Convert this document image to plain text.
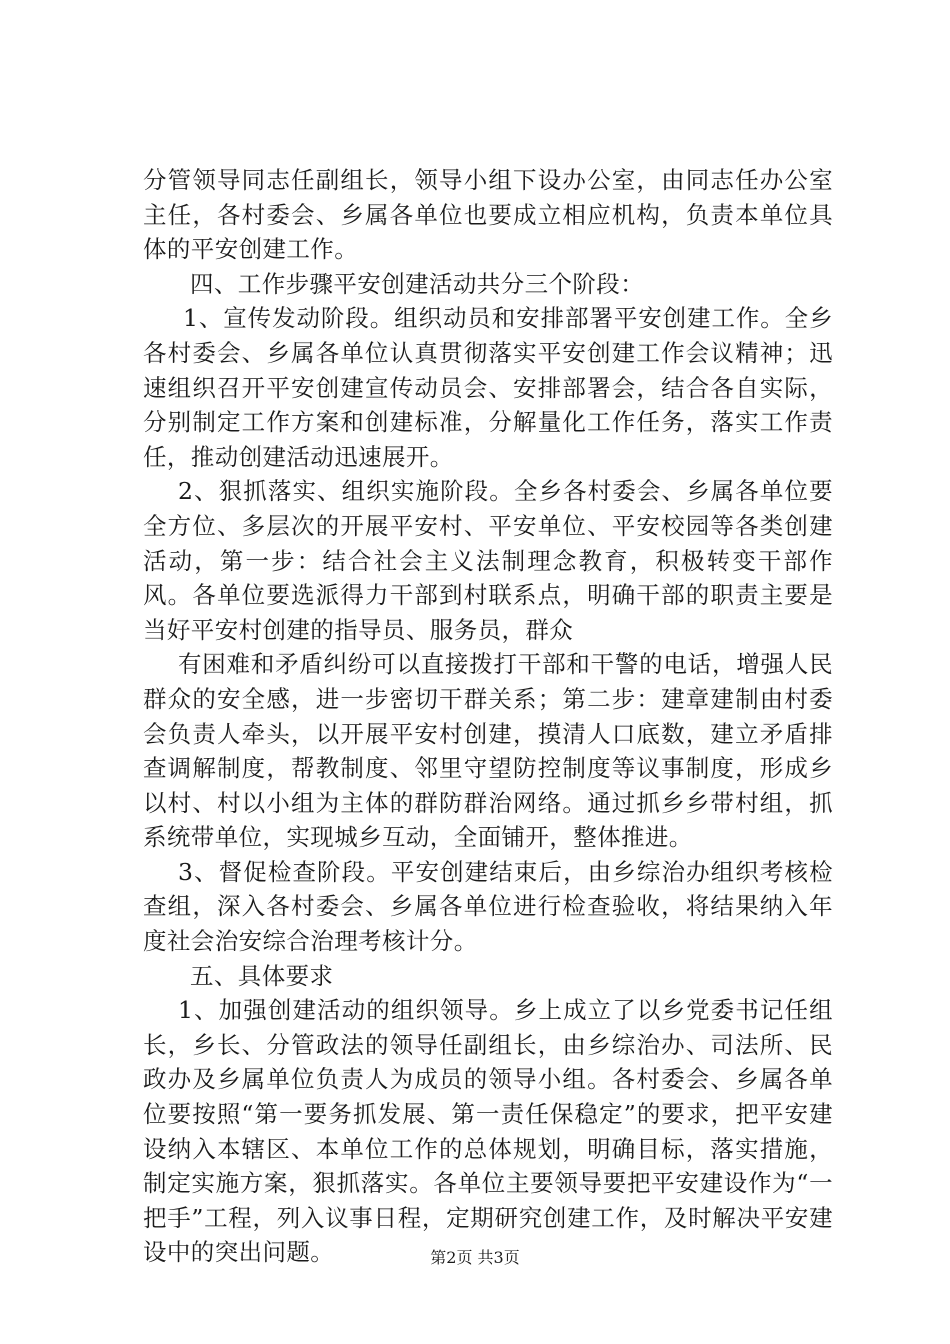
分管领导同志任副组长，领导小组下设办公室，由同志任办公室主任，各村委会、乡属各单位也要成立相应机构，负责本单位具体的平安创建工作。

四、工作步骤平安创建活动共分三个阶段：

1、宣传发动阶段。组织动员和安排部署平安创建工作。全乡各村委会、乡属各单位认真贯彻落实平安创建工作会议精神；迅速组织召开平安创建宣传动员会、安排部署会，结合各自实际，分别制定工作方案和创建标准，分解量化工作任务，落实工作责任，推动创建活动迅速展开。

2、狠抓落实、组织实施阶段。全乡各村委会、乡属各单位要全方位、多层次的开展平安村、平安单位、平安校园等各类创建活动，第一步：结合社会主义法制理念教育，积极转变干部作风。各单位要选派得力干部到村联系点，明确干部的职责主要是当好平安村创建的指导员、服务员，群众

有困难和矛盾纠纷可以直接拨打干部和干警的电话，增强人民群众的安全感，进一步密切干群关系；第二步：建章建制由村委会负责人牵头，以开展平安村创建，摸清人口底数，建立矛盾排查调解制度，帮教制度、邻里守望防控制度等议事制度，形成乡以村、村以小组为主体的群防群治网络。通过抓乡乡带村组，抓系统带单位，实现城乡互动，全面铺开，整体推进。

3、督促检查阶段。平安创建结束后，由乡综治办组织考核检查组，深入各村委会、乡属各单位进行检查验收，将结果纳入年度社会治安综合治理考核计分。

五、具体要求

1、加强创建活动的组织领导。乡上成立了以乡党委书记任组长，乡长、分管政法的领导任副组长，由乡综治办、司法所、民政办及乡属单位负责人为成员的领导小组。各村委会、乡属各单位要按照“第一要务抓发展、第一责任保稳定”的要求，把平安建设纳入本辖区、本单位工作的总体规划，明确目标，落实措施，制定实施方案，狠抓落实。各单位主要领导要把平安建设作为“一把手”工程，列入议事日程，定期研究创建工作，及时解决平安建设中的突出问题。	第2页 共3页
